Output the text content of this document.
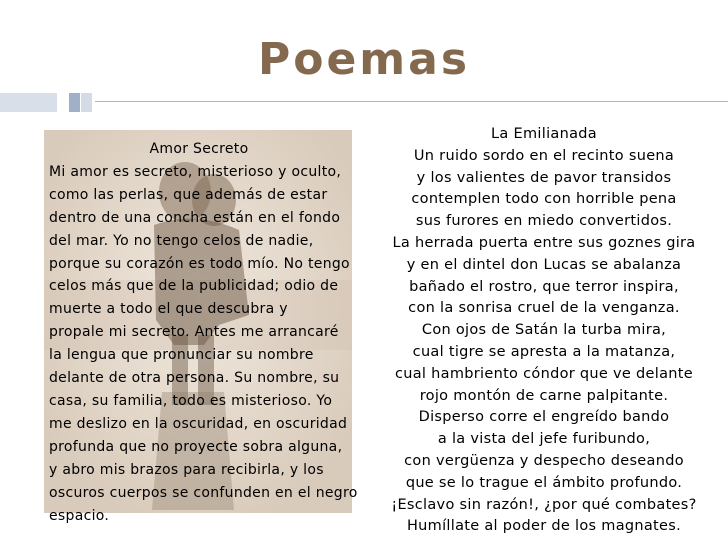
Poemas
Amor Secreto
Mi amor es secreto, misterioso y oculto,
como las perlas, que además de estar
dentro de una concha están en el fondo
del mar. Yo no tengo celos de nadie,
porque su corazón es todo mío. No tengo
celos más que de la publicidad; odio de
muerte a todo el que descubra y
propale mi secreto. Antes me arrancaré
la lengua que pronunciar su nombre
delante de otra persona. Su nombre, su
casa, su familia, todo es misterioso. Yo
me deslizo en la oscuridad, en oscuridad
profunda que no proyecte sobra alguna,
y abro mis brazos para recibirla, y los
oscuros cuerpos se confunden en el negro
espacio.
La Emilianada
Un ruido sordo en el recinto suena
y los valientes de pavor transidos
contemplen todo con horrible pena
sus furores en miedo convertidos.
La herrada puerta entre sus goznes gira
y en el dintel don Lucas se abalanza
bañado el rostro, que terror inspira,
con la sonrisa cruel de la venganza.
Con ojos de Satán la turba mira,
cual tigre se apresta a la matanza,
cual hambriento cóndor que ve delante
rojo montón de carne palpitante.
Disperso corre el engreído bando
a la vista del jefe furibundo,
con vergüenza y despecho deseando
que se lo trague el ámbito profundo.
¡Esclavo sin razón!, ¿por qué combates?
Humíllate al poder de los magnates.
